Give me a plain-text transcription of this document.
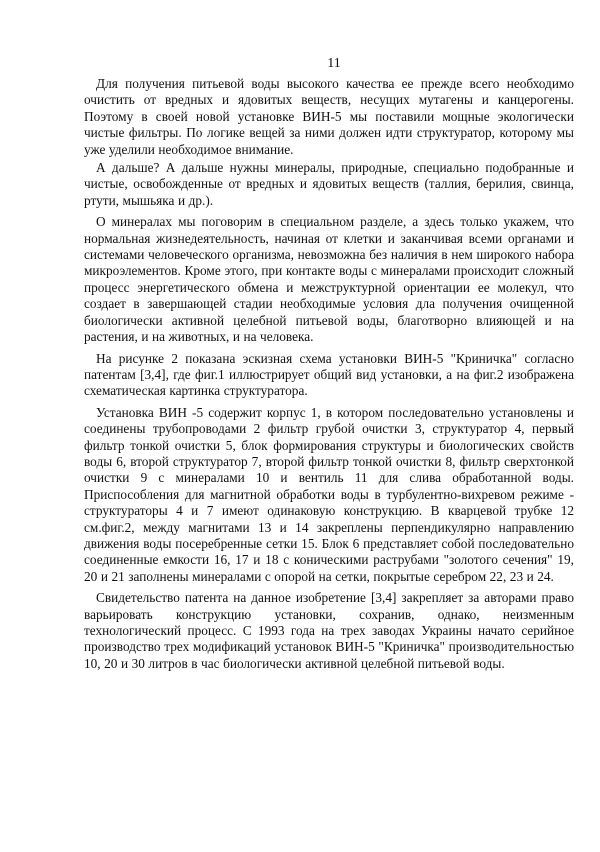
11

Для получения питьевой воды высокого качества ее прежде всего необходимо очистить от вредных и ядовитых веществ, несущих мутагены и канцерогены. Поэтому в своей новой установке ВИН-5 мы поставили мощные экологически чистые фильтры. По логике вещей за ними должен идти структуратор, которому мы уже уделили необходимое внимание.

А дальше? А дальше нужны минералы, природные, специально подобранные и чистые, освобожденные от вредных и ядовитых веществ (таллия, берилия, свинца, ртути, мышьяка и др.).

О минералах мы поговорим в специальном разделе, а здесь только укажем, что нормальная жизнедеятельность, начиная от клетки и заканчивая всеми органами и системами человеческого организма, невозможна без наличия в нем широкого набора микроэлементов. Кроме этого, при контакте воды с минералами происходит сложный процесс энергетического обмена и межструктурной ориентации ее молекул, что создает в завершающей стадии необходимые условия дла получения очищенной биологически активной целебной питьевой воды, благотворно влияющей и на растения, и на животных, и на человека.

На рисунке 2 показана эскизная схема установки ВИН-5 "Криничка" согласно патентам [3,4], где фиг.1 иллюстрирует общий вид установки, а на фиг.2 изображена схематическая картинка структуратора.

Установка ВИН -5 содержит корпус 1, в котором последовательно установлены и соединены трубопроводами 2 фильтр грубой очистки 3, структуратор 4, первый фильтр тонкой очистки 5, блок формирования структуры и биологических свойств воды 6, второй структуратор 7, второй фильтр тонкой очистки 8, фильтр сверхтонкой очистки 9 с минералами 10 и вентиль 11 для слива обработанной воды. Приспособления для магнитной обработки воды в турбулентно-вихревом режиме - структураторы 4 и 7 имеют одинаковую конструкцию. В кварцевой трубке 12 см.фиг.2, между магнитами 13 и 14 закреплены перпендикулярно направлению движения воды посеребренные сетки 15. Блок 6 представляет собой последовательно соединенные емкости 16, 17 и 18 с коническими раструбами "золотого сечения" 19, 20 и 21 заполнены минералами с опорой на сетки, покрытые серебром 22, 23 и 24.

Свидетельство патента на данное изобретение [3,4] закрепляет за авторами право варьировать конструкцию установки, сохранив, однако, неизменным технологический процесс. С 1993 года на трех заводах Украины начато серийное производство трех модификаций установок ВИН-5 "Криничка" производительностью 10, 20 и 30 литров в час биологически активной целебной питьевой воды.
